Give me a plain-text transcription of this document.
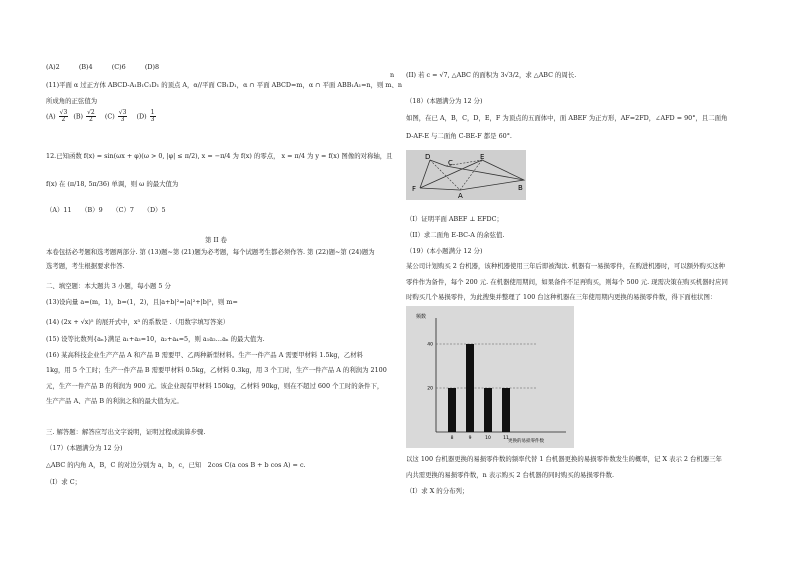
(A)2　　　(B)4　　　(C)6　　　(D)8
(11)平面 α 过正方体 ABCD-A₁B₁C₁D₁ 的顶点 A，α//平面 CB₁D₁，α ∩ 平面 ABCD=m，α ∩ 平面 ABB₁A₁=n，则 m、n
所成角的正弦值为
$(A) \frac{√3}{2} (B) \frac{√2}{2} (C) \frac{√3}{3} (D) \frac{1}{3}$
12.已知函数 f(x) = sin(ωx + φ)(ω > 0, |φ| ≤ π/2), x = −π/4 为 f(x) 的零点， x = π/4 为 y = f(x) 图像的对称轴，且
f(x) 在 (π/18, 5π/36) 单调，则 ω 的最大值为
（A）11　　（B）9　　（C）7　　（D）5
第 II 卷
本卷包括必考题和选考题两部分. 第 (13)题~第 (21)题为必考题，每个试题考生都必须作答. 第 (22)题~第 (24)题为
选考题，考生根据要求作答.
二、填空题：本大题共 3 小题，每小题 5 分
(13)设向量 a=(m，1)，b=(1，2)，且|a+b|²=|a|²+|b|²，则 m=
(14) (2x + √x)⁵ 的展开式中，x³ 的系数是 .（用数字填写答案）
(15) 设等比数列{aₙ}满足 a₁+a₃=10，a₂+a₄=5，则 a₁a₂…aₙ 的最大值为.
(16) 某高科技企业生产产品 A 和产品 B 需要甲、乙两种新型材料。生产一件产品 A 需要甲材料 1.5kg，乙材料
1kg，用 5 个工时；生产一件产品 B 需要甲材料 0.5kg，乙材料 0.3kg，用 3 个工时，生产一件产品 A 的利润为 2100
元，生产一件产品 B 的利润为 900 元。该企业现有甲材料 150kg，乙材料 90kg，则在不超过 600 个工时的条件下，
生产产品 A、产品 B 的利润之和的最大值为元。
三. 解答题：解答应写出文字说明，证明过程或演算步骤.
（17）(本题满分为 12 分)
△ABC 的内角 A，B，C 的对边分别为 a，b，c，已知　2cos C(a cos B + b cos A) = c.
（I）求 C；
n (II) 若 c = √7, △ABC 的面积为 3√3/2，求 △ABC 的周长.
（18）(本题满分为 12 分)
如图，在已 A，B，C，D，E，F 为顶点的五面体中，面 ABEF 为正方形，AF=2FD，∠AFD = 90°，且二面角
D-AF-E 与二面角 C-BE-F 都是 60°.
D
C
F
A
E
B
（I）证明平面 ABEF ⊥ EFDC；
（II）求二面角 E-BC-A 的余弦值.
（19）(本小题满分 12 分)
某公司计划购买 2 台机器，该种机器使用三年后即被淘汰. 机器有一易损零件，在购进机器时，可以额外购买这种
零件作为备件，每个 200 元. 在机器使用期间，如果备件不足再购买，则每个 500 元. 现需决策在购买机器时应同
时购买几个易损零件，为此搜集并整理了 100 台这种机器在三年使用期内更换的易损零件数，得下面柱状图：
频数
更换的易损零件数
40
20
8	9	10	11
以这 100 台机器更换的易损零件数的频率代替 1 台机器更换的易损零件数发生的概率，记 X 表示 2 台机器三年
内共需更换的易损零件数，n 表示购买 2 台机器的同时购买的易损零件数.
（I）求 X 的分布列；
